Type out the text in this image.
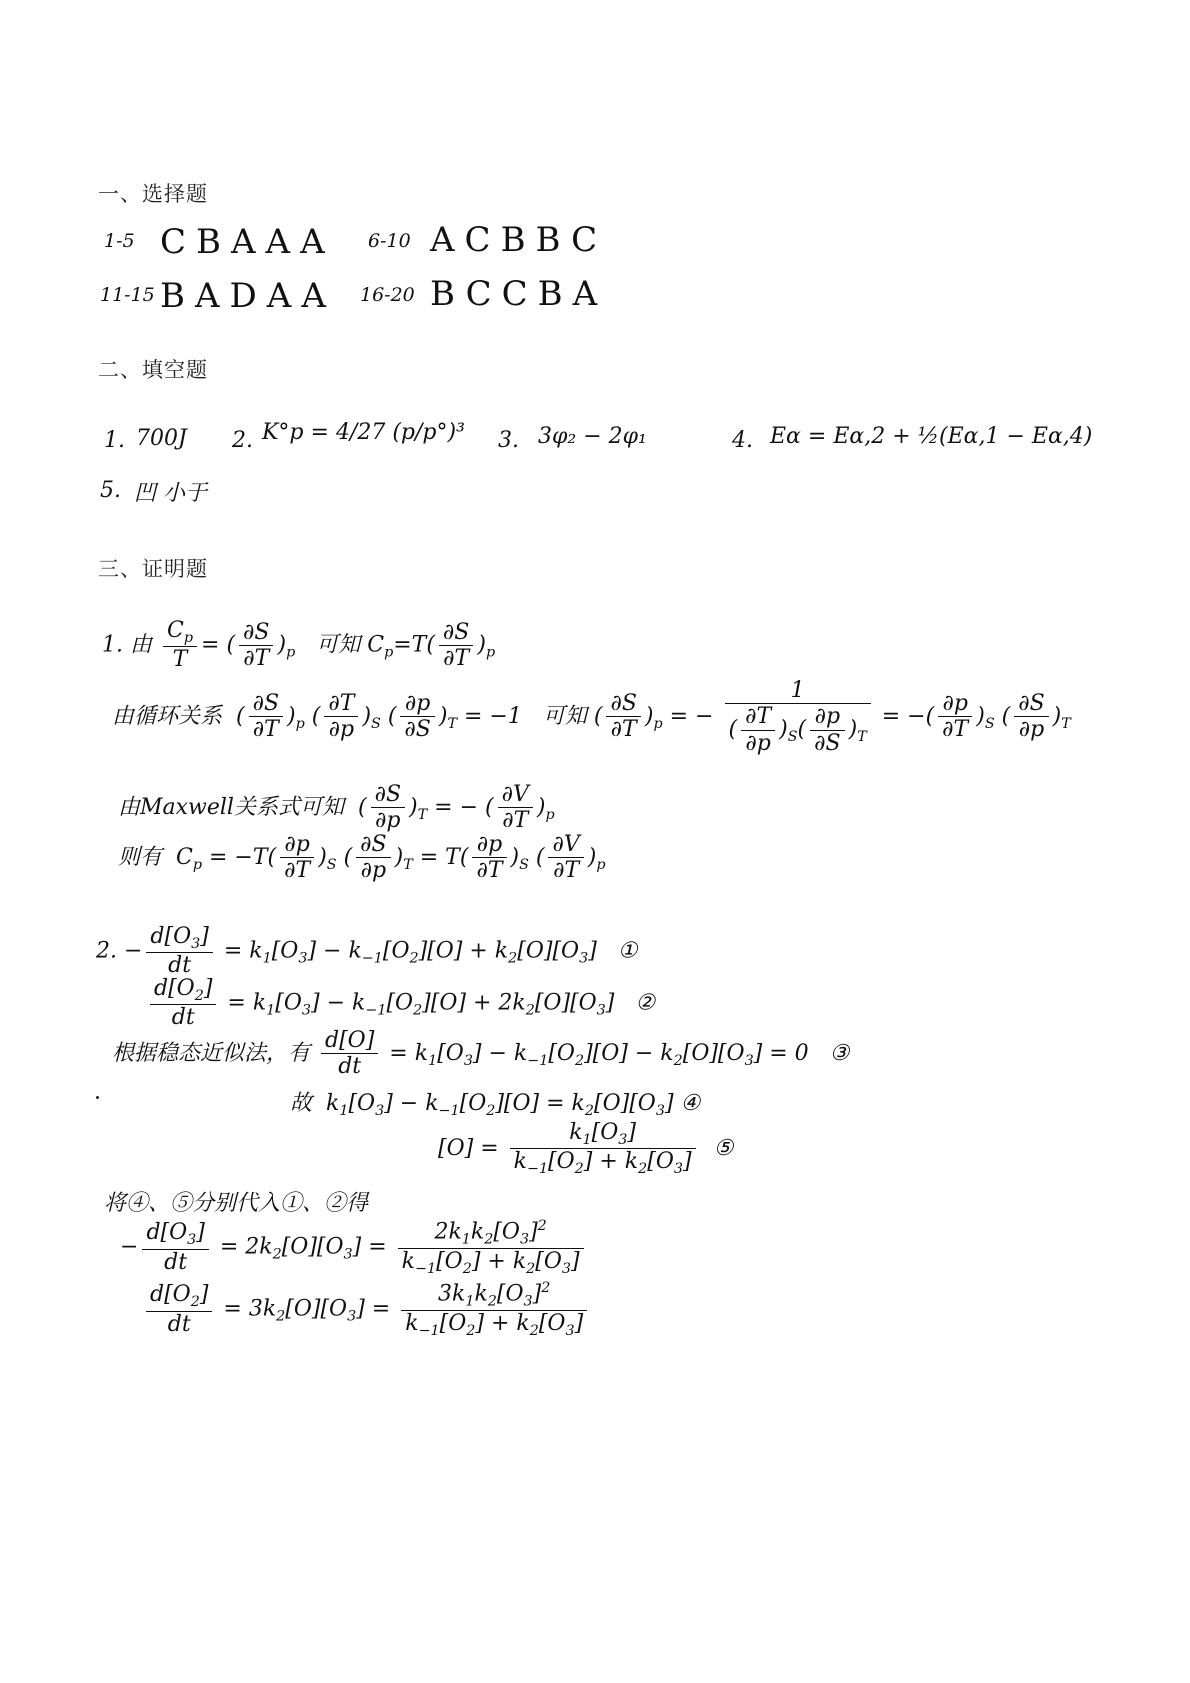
一、选择题
1-5 CBAAA 6-10 ACBBC
11-15 BADAA 16-20 BCCBA
二、填空题
1. 700J 2. K°p = 4/27 (p/p°)³ 3. 3φ₂ − 2φ₁	4. Eα = Eα,2 + ½(Eα,1 − Eα,4)
5. 凹 小于
三、证明题
1. 由 $\frac{C_p}{T}$ = ( $\frac{\partial S}{\partial T} )_p$ 可知 $C_p=T( \frac{\partial S}{\partial T} )_p$
由循环关系  ( $\frac{\partial S}{\partial T} )_p$ ( $\frac{\partial T}{\partial p} )_S$ ( $\frac{\partial p}{\partial S} )_T = -1$   可知 ( $\frac{\partial S}{\partial T} )_p$ = − $\frac{1}{( \frac{\partial T}{\partial p} )_S( \frac{\partial p}{\partial S} )_T}$ = −( $\frac{\partial p}{\partial T} )_S$ ( $\frac{\partial S}{\partial p} )_T$
由Maxwell关系式可知  ( $\frac{\partial S}{\partial p} )_T$ = − ( $\frac{\partial V}{\partial T} )_p$
则有  $C_p = -T( \frac{\partial p}{\partial T} )_S$ ( $\frac{\partial S}{\partial p} )_T = T( \frac{\partial p}{\partial T} )_S$ ( $\frac{\partial V}{\partial T} )_p$
2. − $\frac{d[O_3]}{dt} = k_1[O_3] - k_{-1}[O_2][O] + k_2[O][O_3]$   ①
$\frac{d[O_2]}{dt} = k_1[O_3] - k_{-1}[O_2][O] + 2k_2[O][O_3]$   ②
根据稳态近似法，有 $\frac{d[O]}{dt} = k_1[O_3] - k_{-1}[O_2][O] - k_2[O][O_3] = 0$   ③
故  $k_1[O_3] - k_{-1}[O_2][O] = k_2[O][O_3]$ ④
$[O] = \frac{k_1[O_3]}{k_{-1}[O_2] + k_2[O_3]}$ ⑤
将④、⑤分别代入①、②得
− $\frac{d[O_3]}{dt} = 2k_2[O][O_3] = \frac{2k_1k_2[O_3]^2}{k_{-1}[O_2] + k_2[O_3]}$
$\frac{d[O_2]}{dt} = 3k_2[O][O_3] = \frac{3k_1k_2[O_3]^2}{k_{-1}[O_2] + k_2[O_3]}$
